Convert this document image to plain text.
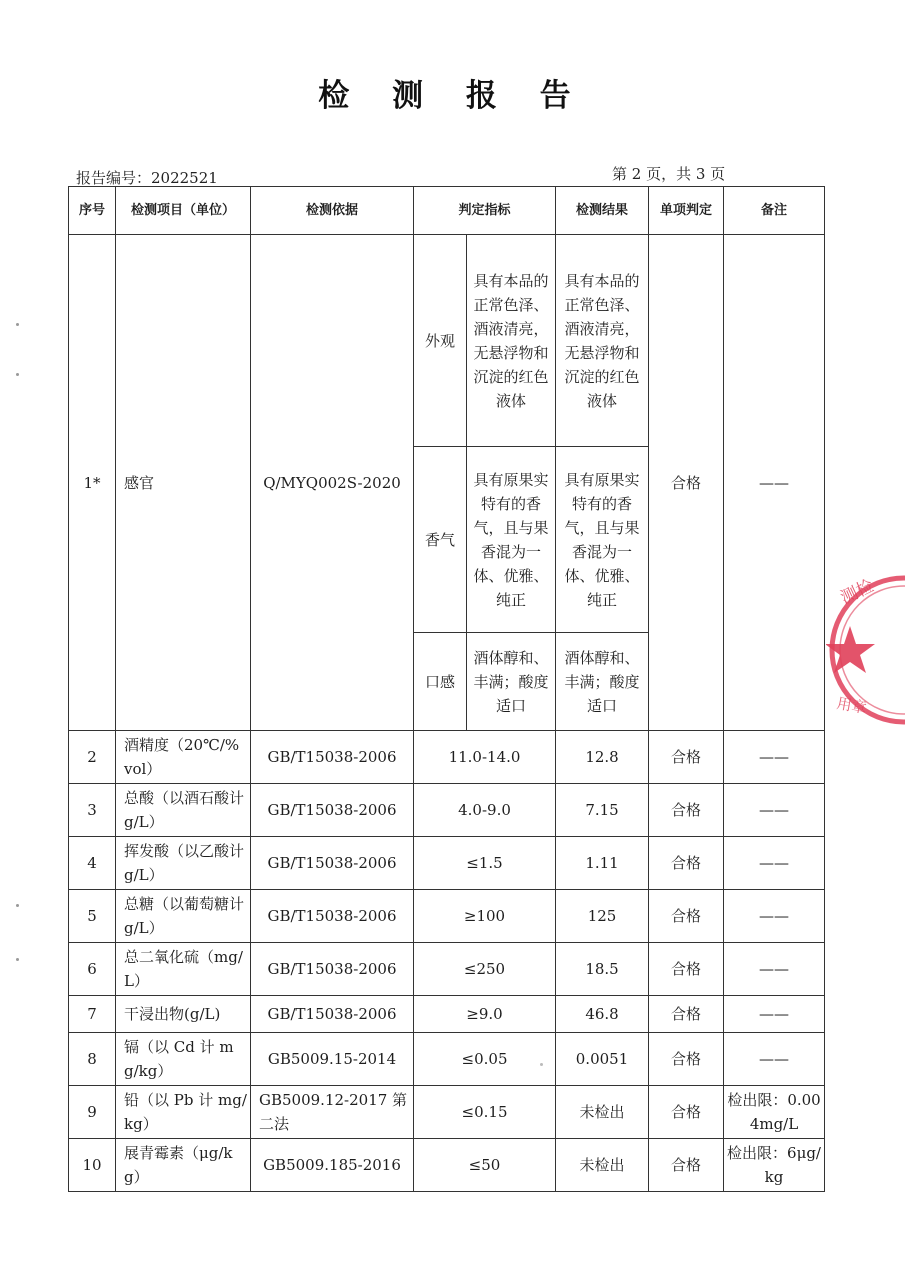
检 测 报 告
报告编号：2022521	第 2 页，共 3 页
序号	检测项目（单位）	检测依据	判定指标		检测结果	单项判定	备注
1*	感官	Q/MYQ002S-2020	外观	具有本品的正常色泽、酒液清亮，无悬浮物和沉淀的红色液体	具有本品的正常色泽、酒液清亮，无悬浮物和沉淀的红色液体	合格	——
			香气	具有原果实特有的香气，且与果香混为一体、优雅、纯正	具有原果实特有的香气，且与果香混为一体、优雅、纯正		
			口感	酒体醇和、丰满；酸度适口	酒体醇和、丰满；酸度适口		
2	酒精度（20℃/%vol）	GB/T15038-2006	11.0-14.0		12.8	合格	——
3	总酸（以酒石酸计 g/L）	GB/T15038-2006	4.0-9.0		7.15	合格	——
4	挥发酸（以乙酸计 g/L）	GB/T15038-2006	≤1.5		1.11	合格	——
5	总糖（以葡萄糖计 g/L）	GB/T15038-2006	≥100		125	合格	——
6	总二氧化硫（mg/L）	GB/T15038-2006	≤250		18.5	合格	——
7	干浸出物(g/L)	GB/T15038-2006	≥9.0		46.8	合格	——
8	镉（以 Cd 计 mg/kg）	GB5009.15-2014	≤0.05		0.0051	合格	——
9	铅（以 Pb 计 mg/kg）	GB5009.12-2017 第二法	≤0.15		未检出	合格	检出限：0.004mg/L
10	展青霉素（μg/kg）	GB5009.185-2016	≤50		未检出	合格	检出限：6μg/kg
测检
用章
